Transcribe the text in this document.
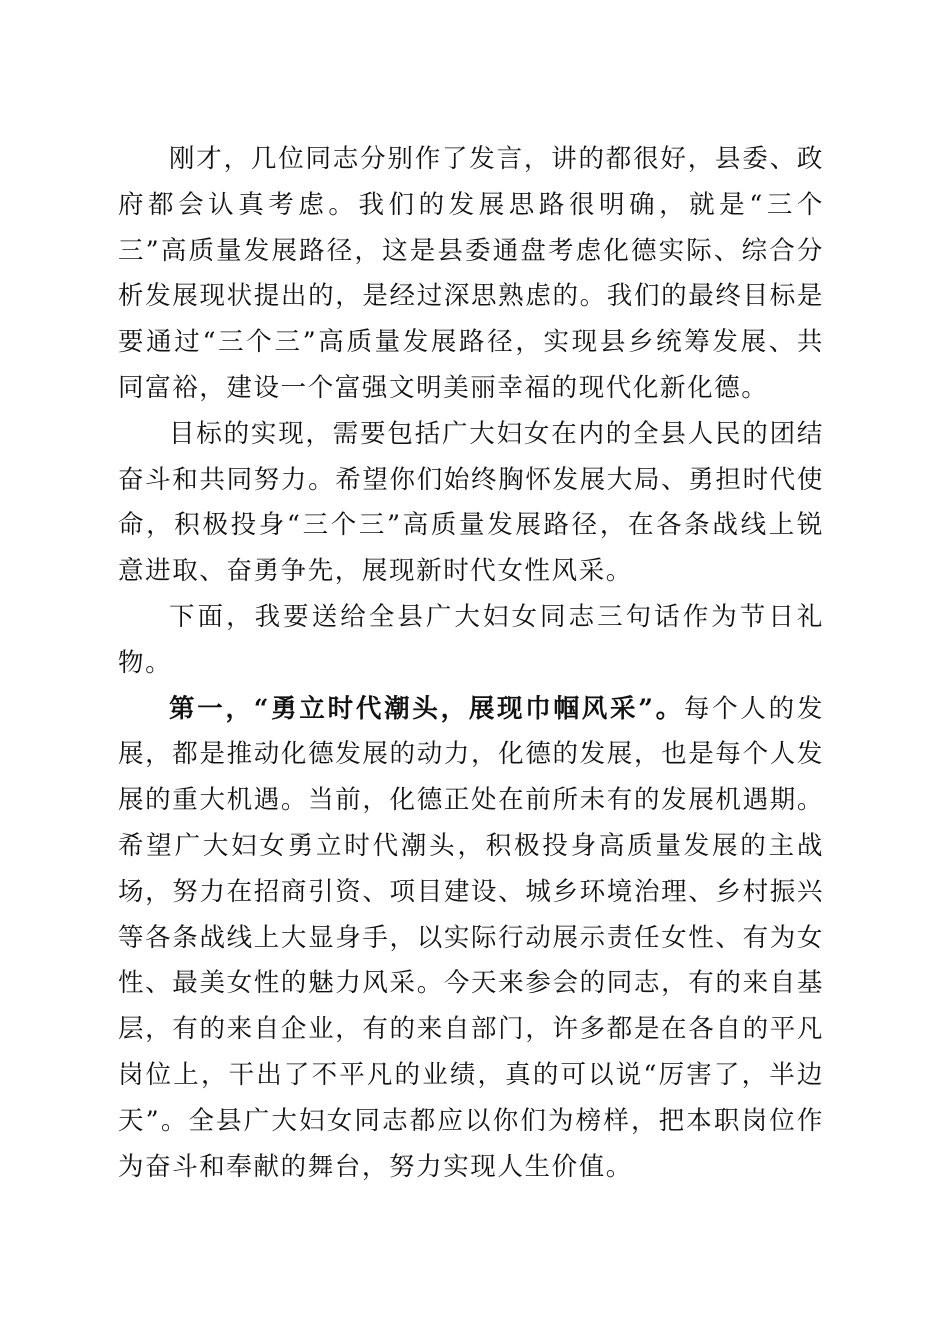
刚才，几位同志分别作了发言，讲的都很好，县委、政府都会认真考虑。我们的发展思路很明确，就是“三个三”高质量发展路径，这是县委通盘考虑化德实际、综合分析发展现状提出的，是经过深思熟虑的。我们的最终目标是要通过“三个三”高质量发展路径，实现县乡统筹发展、共同富裕，建设一个富强文明美丽幸福的现代化新化德。

目标的实现，需要包括广大妇女在内的全县人民的团结奋斗和共同努力。希望你们始终胸怀发展大局、勇担时代使命，积极投身“三个三”高质量发展路径，在各条战线上锐意进取、奋勇争先，展现新时代女性风采。

下面，我要送给全县广大妇女同志三句话作为节日礼物。

第一，“勇立时代潮头，展现巾帼风采”。每个人的发展，都是推动化德发展的动力，化德的发展，也是每个人发展的重大机遇。当前，化德正处在前所未有的发展机遇期。希望广大妇女勇立时代潮头，积极投身高质量发展的主战场，努力在招商引资、项目建设、城乡环境治理、乡村振兴等各条战线上大显身手，以实际行动展示责任女性、有为女性、最美女性的魅力风采。今天来参会的同志，有的来自基层，有的来自企业，有的来自部门，许多都是在各自的平凡岗位上，干出了不平凡的业绩，真的可以说“厉害了，半边天”。全县广大妇女同志都应以你们为榜样，把本职岗位作为奋斗和奉献的舞台，努力实现人生价值。
